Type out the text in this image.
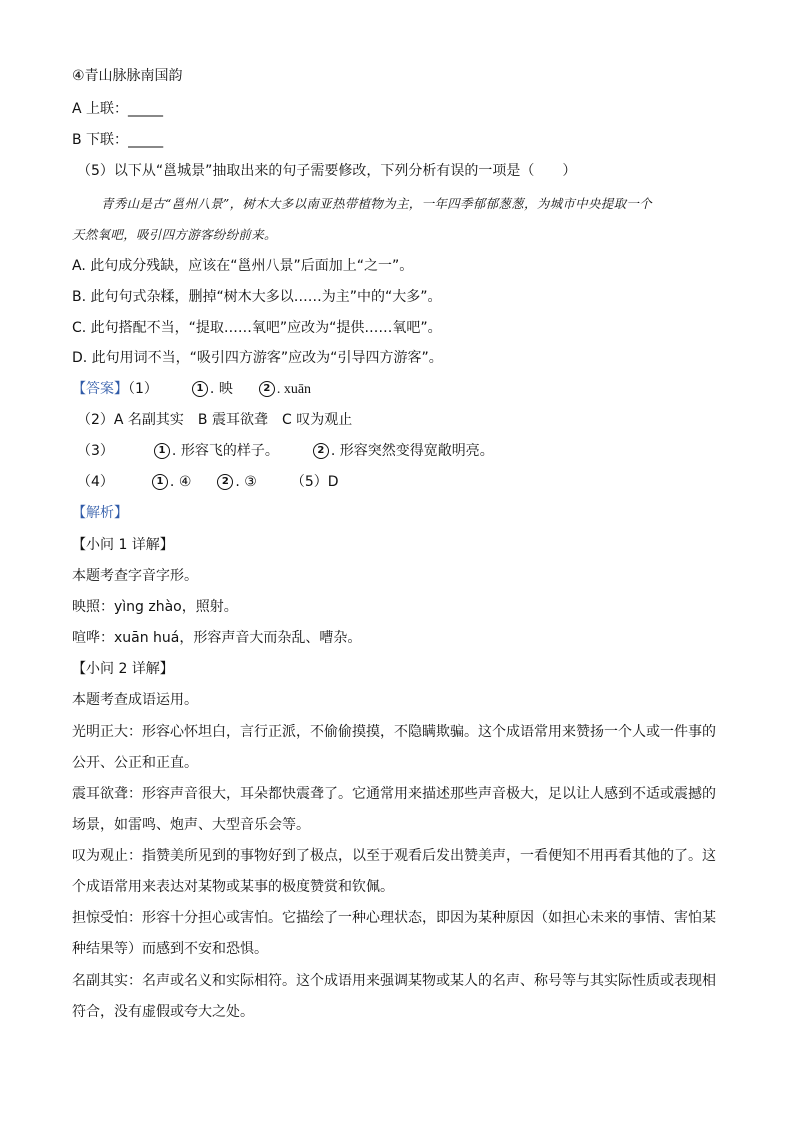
④青山脉脉南国韵
A 上联：_____
B 下联：_____
（5）以下从“邕城景”抽取出来的句子需要修改，下列分析有误的一项是（　　）
青秀山是古“邕州八景”，树木大多以南亚热带植物为主，一年四季郁郁葱葱，为城市中央提取一个
天然氧吧，吸引四方游客纷纷前来。
A. 此句成分残缺，应该在“邕州八景”后面加上“之一”。
B. 此句句式杂糅，删掉“树木大多以……为主”中的“大多”。
C. 此句搭配不当，“提取……氧吧”应改为“提供……氧吧”。
D. 此句用词不当，“吸引四方游客”应改为“引导四方游客”。
【答案】（1）	1 . 映	2 . xuān
（2）A 名副其实　B 震耳欲聋　C 叹为观止
（3）	1 . 形容飞的样子。	2 . 形容突然变得宽敞明亮。
（4）	1 . ④	2 . ③ （5）D
【解析】
【小问 1 详解】
本题考查字音字形。
映照：yìng zhào，照射。
喧哗：xuān huá，形容声音大而杂乱、嘈杂。
【小问 2 详解】
本题考查成语运用。
光明正大：形容心怀坦白，言行正派，不偷偷摸摸，不隐瞒欺骗。这个成语常用来赞扬一个人或一件事的
公开、公正和正直。
震耳欲聋：形容声音很大，耳朵都快震聋了。它通常用来描述那些声音极大，足以让人感到不适或震撼的
场景，如雷鸣、炮声、大型音乐会等。
叹为观止：指赞美所见到的事物好到了极点，以至于观看后发出赞美声，一看便知不用再看其他的了。这
个成语常用来表达对某物或某事的极度赞赏和钦佩。
担惊受怕：形容十分担心或害怕。它描绘了一种心理状态，即因为某种原因（如担心未来的事情、害怕某
种结果等）而感到不安和恐惧。
名副其实：名声或名义和实际相符。这个成语用来强调某物或某人的名声、称号等与其实际性质或表现相
符合，没有虚假或夸大之处。
